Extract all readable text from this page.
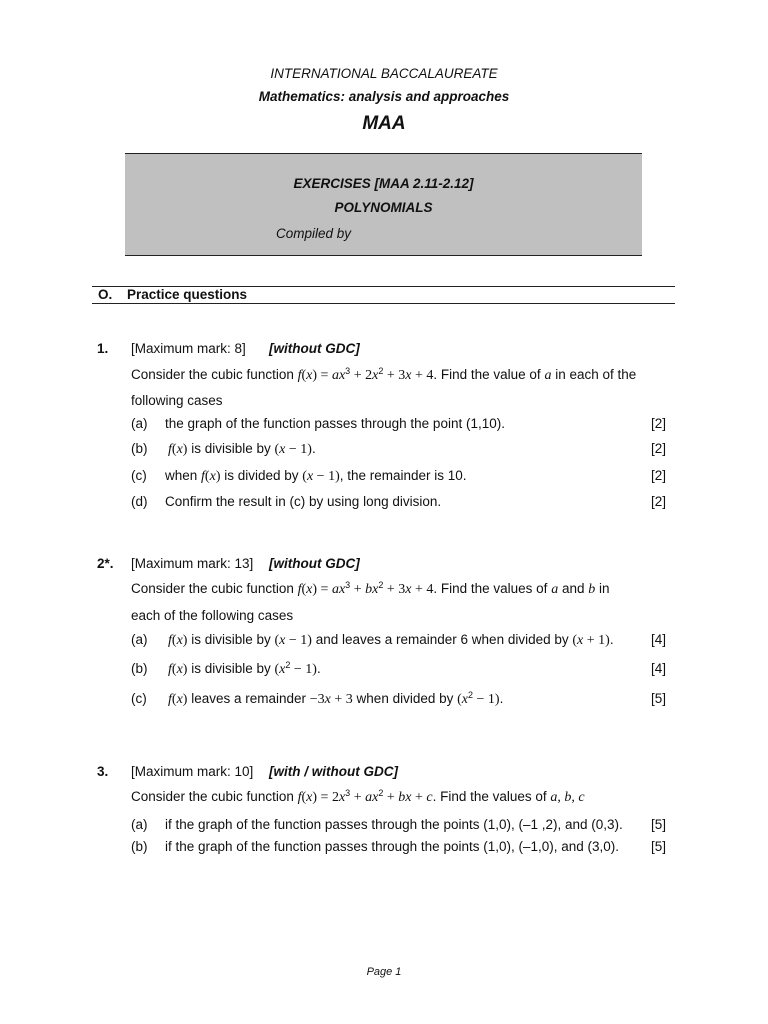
INTERNATIONAL BACCALAUREATE
Mathematics: analysis and approaches
MAA
EXERCISES [MAA 2.11-2.12]
POLYNOMIALS
Compiled by
O. Practice questions
1. [Maximum mark: 8] [without GDC]
Consider the cubic function $f(x) = ax^3 + 2x^2 + 3x + 4$. Find the value of a in each of the
following cases
(a) the graph of the function passes through the point (1,10).	[2]
(b) f(x) is divisible by (x − 1).	[2]
(c) when f(x) is divided by (x − 1), the remainder is 10.	[2]
(d) Confirm the result in (c) by using long division.	[2]
2*. [Maximum mark: 13] [without GDC]
Consider the cubic function $f(x) = ax^3 + bx^2 + 3x + 4$. Find the values of a and b in
each of the following cases
(a) f(x) is divisible by (x − 1) and leaves a remainder 6 when divided by (x + 1).	[4]
(b) f(x) is divisible by $(x^2 - 1)$.	[4]
(c) f(x) leaves a remainder −3x + 3 when divided by $(x^2 - 1)$.	[5]
3. [Maximum mark: 10] [with / without GDC]
Consider the cubic function $f(x) = 2x^3 + ax^2$ + bx + c. Find the values of a, b, c
(a) if the graph of the function passes through the points (1,0), (–1 ,2), and (0,3). [5]
(b) if the graph of the function passes through the points (1,0), (–1,0), and (3,0). [5]
Page 1
